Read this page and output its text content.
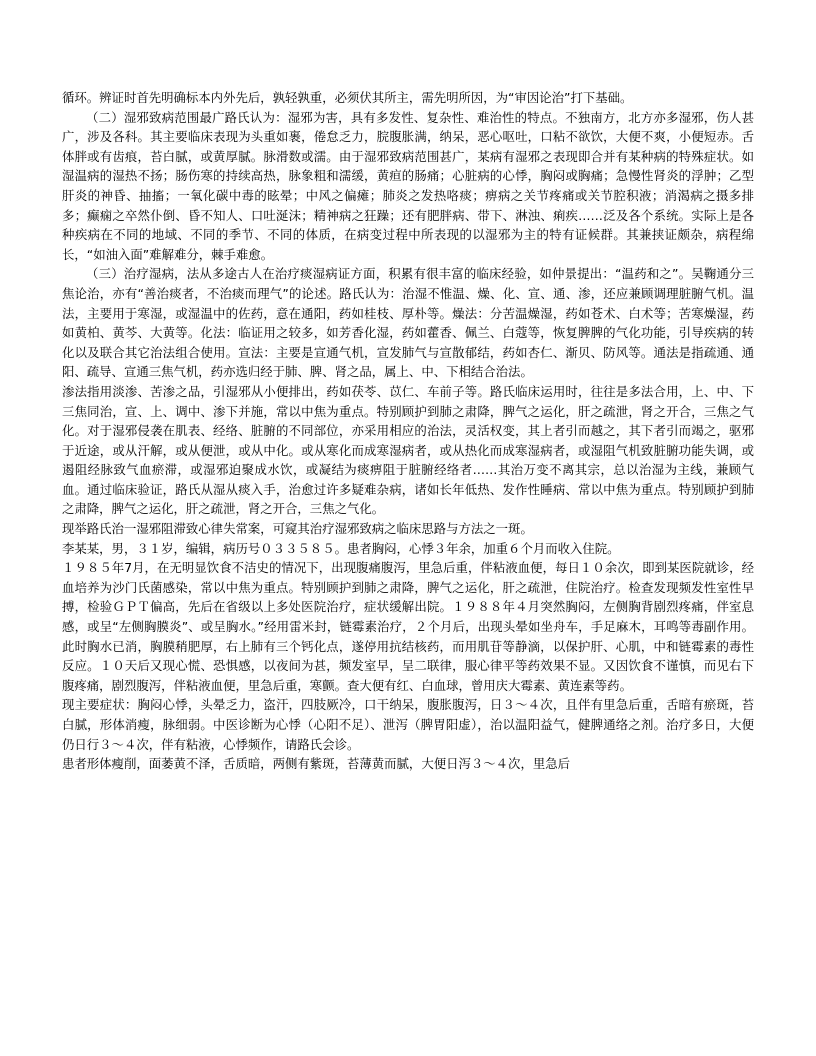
循环。辨证时首先明确标本内外先后，孰轻孰重，必须伏其所主，需先明所因，为“审因论治”打下基础。

（二）湿邪致病范围最广路氏认为：湿邪为害，具有多发性、复杂性、难治性的特点。不独南方，北方亦多湿邪，伤人甚广，涉及各科。其主要临床表现为头重如裹，倦怠乏力，脘腹胀满，纳呆，恶心呕吐，口粘不欲饮，大便不爽，小便短赤。舌体胖或有齿痕，苔白腻，或黄厚腻。脉滑数或濡。由于湿邪致病范围甚广，某病有湿邪之表现即合并有某种病的特殊症状。如湿温病的湿热不扬；肠伤寒的持续高热，脉象粗和濡缓，黄疸的肠痛；心脏病的心悸，胸闷或胸痛；急慢性肾炎的浮肿；乙型肝炎的神昏、抽搐；一氧化碳中毒的眩晕；中风之偏瘫；肺炎之发热咯痰；痹病之关节疼痛或关节腔积液；消渴病之摄多排多；癫痫之卒然仆倒、昏不知人、口吐涎沫；精神病之狂躁；还有肥胖病、带下、淋浊、痢疾……泛及各个系统。实际上是各种疾病在不同的地域、不同的季节、不同的体质，在病变过程中所表现的以湿邪为主的特有证候群。其兼挟证颇杂，病程绵长，“如油入面”难解难分，棘手难愈。

（三）治疗湿病，法从多途古人在治疗痰湿病证方面，积累有很丰富的临床经验，如仲景提出：“温药和之”。吴鞠通分三焦论治，亦有“善治痰者，不治痰而理气”的论述。路氏认为：治湿不惟温、燥、化、宣、通、渗，还应兼顾调理脏腑气机。温法，主要用于寒湿，或湿温中的佐药，意在通阳，药如桂枝、厚朴等。燥法：分苦温燥湿，药如苍术、白术等；苦寒燥湿，药如黄柏、黄芩、大黄等。化法：临证用之较多，如芳香化湿，药如藿香、佩兰、白蔻等，恢复脾脾的气化功能，引导疾病的转化以及联合其它治法组合使用。宣法：主要是宣通气机，宣发肺气与宣散郁结，药如杏仁、渐贝、防风等。通法是指疏通、通阳、疏导、宣通三焦气机，药亦选归经于肺、脾、肾之品，属上、中、下相结合治法。

渗法指用淡渗、苦渗之品，引湿邪从小便排出，药如茯苓、苡仁、车前子等。路氏临床运用时，往往是多法合用，上、中、下三焦同治，宣、上、调中、渗下并施，常以中焦为重点。特别顾护到肺之肃降，脾气之运化，肝之疏泄，肾之开合，三焦之气化。对于湿邪侵袭在肌表、经络、脏腑的不同部位，亦采用相应的治法，灵活权变，其上者引而越之，其下者引而竭之，驱邪于近途，或从汗解，或从便泄，或从中化。或从寒化而成寒湿病者，或从热化而成寒湿病者，或湿阻气机致脏腑功能失调，或遏阻经脉致气血瘀滞，或湿邪迫聚成水饮，或凝结为痰痹阻于脏腑经络者……其治万变不离其宗，总以治湿为主线，兼顾气血。通过临床验证，路氏从湿从痰入手，治愈过许多疑难杂病，诸如长年低热、发作性睡病、常以中焦为重点。特别顾护到肺之肃降，脾气之运化，肝之疏泄，肾之开合，三焦之气化。

现举路氏治一湿邪阻滞致心律失常案，可窥其治疗湿邪致病之临床思路与方法之一斑。

李某某，男，３１岁，编辑，病历号０３３５８５。患者胸闷，心悸３年余，加重６个月而收入住院。

１９８５年7月，在无明显饮食不洁史的情况下，出现腹痛腹泻，里急后重，伴粘液血便，每日１０余次，即到某医院就诊，经血培养为沙门氏菌感染，常以中焦为重点。特别顾护到肺之肃降，脾气之运化，肝之疏泄，住院治疗。检查发现频发性室性早搏，检验ＧＰＴ偏高，先后在省级以上多处医院治疗，症状缓解出院。１９８８年４月突然胸闷，左侧胸背剧烈疼痛，伴室息感，或呈“左侧胸膜炎”、或呈胸水。”经用雷米封，链霉素治疗，２个月后，出现头晕如坐舟车，手足麻木，耳鸣等毒副作用。此时胸水已消，胸膜稍肥厚，右上肺有三个钙化点，遂停用抗结核药，而用肌苷等静滴，以保护肝、心肌，中和链霉素的毒性反应。１０天后又现心慌、恐惧感，以夜间为甚，频发室早，呈二联律，服心律平等药效果不显。又因饮食不谨慎，而见右下腹疼痛，剧烈腹泻，伴粘液血便，里急后重，寒颤。查大便有红、白血球，曾用庆大霉素、黄连素等药。

现主要症状：胸闷心悸，头晕乏力，盗汗，四肢厥冷，口干纳呆，腹胀腹泻，日３～４次，且伴有里急后重，舌暗有瘀斑，苔白腻，形体消瘦，脉细弱。中医诊断为心悸（心阳不足）、泄泻（脾胃阳虚），治以温阳益气，健脾通络之剂。治疗多日，大便仍日行３～４次，伴有粘液，心悸频作，请路氏会诊。

患者形体瘦削，面萎黄不泽，舌质暗，两侧有紫斑，苔薄黄而腻，大便日泻３～４次，里急后
